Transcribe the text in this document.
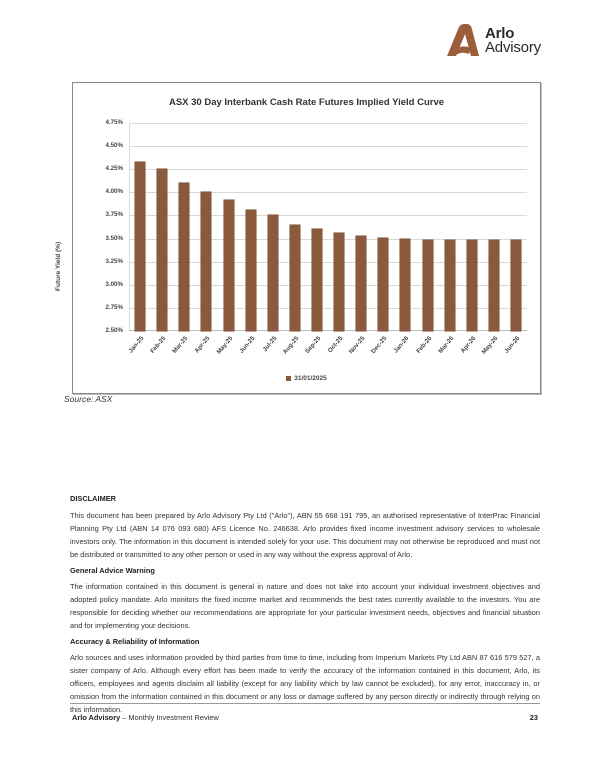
Arlo
Advisory
ASX 30 Day Interbank Cash Rate Futures Implied Yield Curve
Future Yield (%)
2.50%
2.75%
3.00%
3.25%
3.50%
3.75%
4.00%
4.25%
4.50%
4.75%
Jan-25 Feb-25 Mar-25 Apr-25 May-25 Jun-25 Jul-25 Aug-25 Sep-25 Oct-25 Nov-25 Dec-25 Jan-26 Feb-26 Mar-26 Apr-26 May-26 Jun-26
31/01/2025
Source: ASX
DISCLAIMER

This document has been prepared by Arlo Advisory Pty Ltd ("Arlo"), ABN 55 668 191 795, an authorised representative of InterPrac Financial Planning Pty Ltd (ABN 14 076 093 680) AFS Licence No. 246638. Arlo provides fixed income investment advisory services to wholesale investors only. The information in this document is intended solely for your use. This document may not otherwise be reproduced and must not be distributed or transmitted to any other person or used in any way without the express approval of Arlo.

General Advice Warning

The information contained in this document is general in nature and does not take into account your individual investment objectives and adopted policy mandate. Arlo monitors the fixed income market and recommends the best rates currently available to the investors. You are responsible for deciding whether our recommendations are appropriate for your particular investment needs, objectives and financial situation and for implementing your decisions.

Accuracy & Reliability of Information

Arlo sources and uses information provided by third parties from time to time, including from Imperium Markets Pty Ltd ABN 87 616 579 527, a sister company of Arlo. Although every effort has been made to verify the accuracy of the information contained in this document, Arlo, its officers, employees and agents disclaim all liability (except for any liability which by law cannot be excluded), for any error, inaccuracy in, or omission from the information contained in this document or any loss or damage suffered by any person directly or indirectly through relying on this information.

Arlo Advisory – Monthly Investment Review	23
